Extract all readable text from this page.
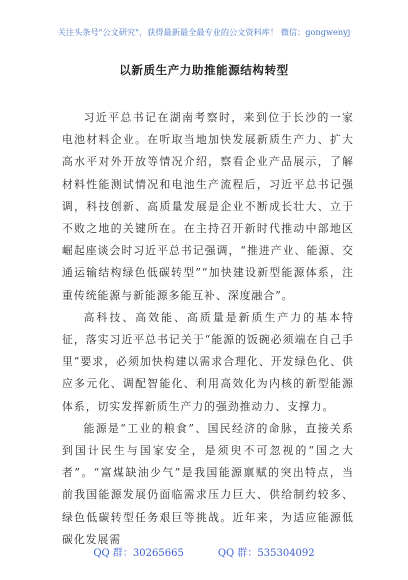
关注头条号"公文研究"，获得最新最全最专业的公文资料库！ 微信：gongwenyj
以新质生产力助推能源结构转型

习近平总书记在湖南考察时，来到位于长沙的一家电池材料企业。在听取当地加快发展新质生产力、扩大高水平对外开放等情况介绍，察看企业产品展示，了解材料性能测试情况和电池生产流程后，习近平总书记强调，科技创新、高质量发展是企业不断成长壮大、立于不败之地的关键所在。在主持召开新时代推动中部地区崛起座谈会时习近平总书记强调，“推进产业、能源、交通运输结构绿色低碳转型”“加快建设新型能源体系，注重传统能源与新能源多能互补、深度融合”。

高科技、高效能、高质量是新质生产力的基本特征，落实习近平总书记关于“能源的饭碗必须端在自己手里”要求，必须加快构建以需求合理化、开发绿色化、供应多元化、调配智能化、利用高效化为内核的新型能源体系，切实发挥新质生产力的强劲推动力、支撑力。

能源是“工业的粮食”、国民经济的命脉，直接关系到国计民生与国家安全，是须臾不可忽视的“国之大者”。“富煤缺油少气”是我国能源禀赋的突出特点，当前我国能源发展仍面临需求压力巨大、供给制约较多、绿色低碳转型任务艰巨等挑战。近年来，为适应能源低碳化发展需

QQ 群：30265665	QQ 群：535304092
